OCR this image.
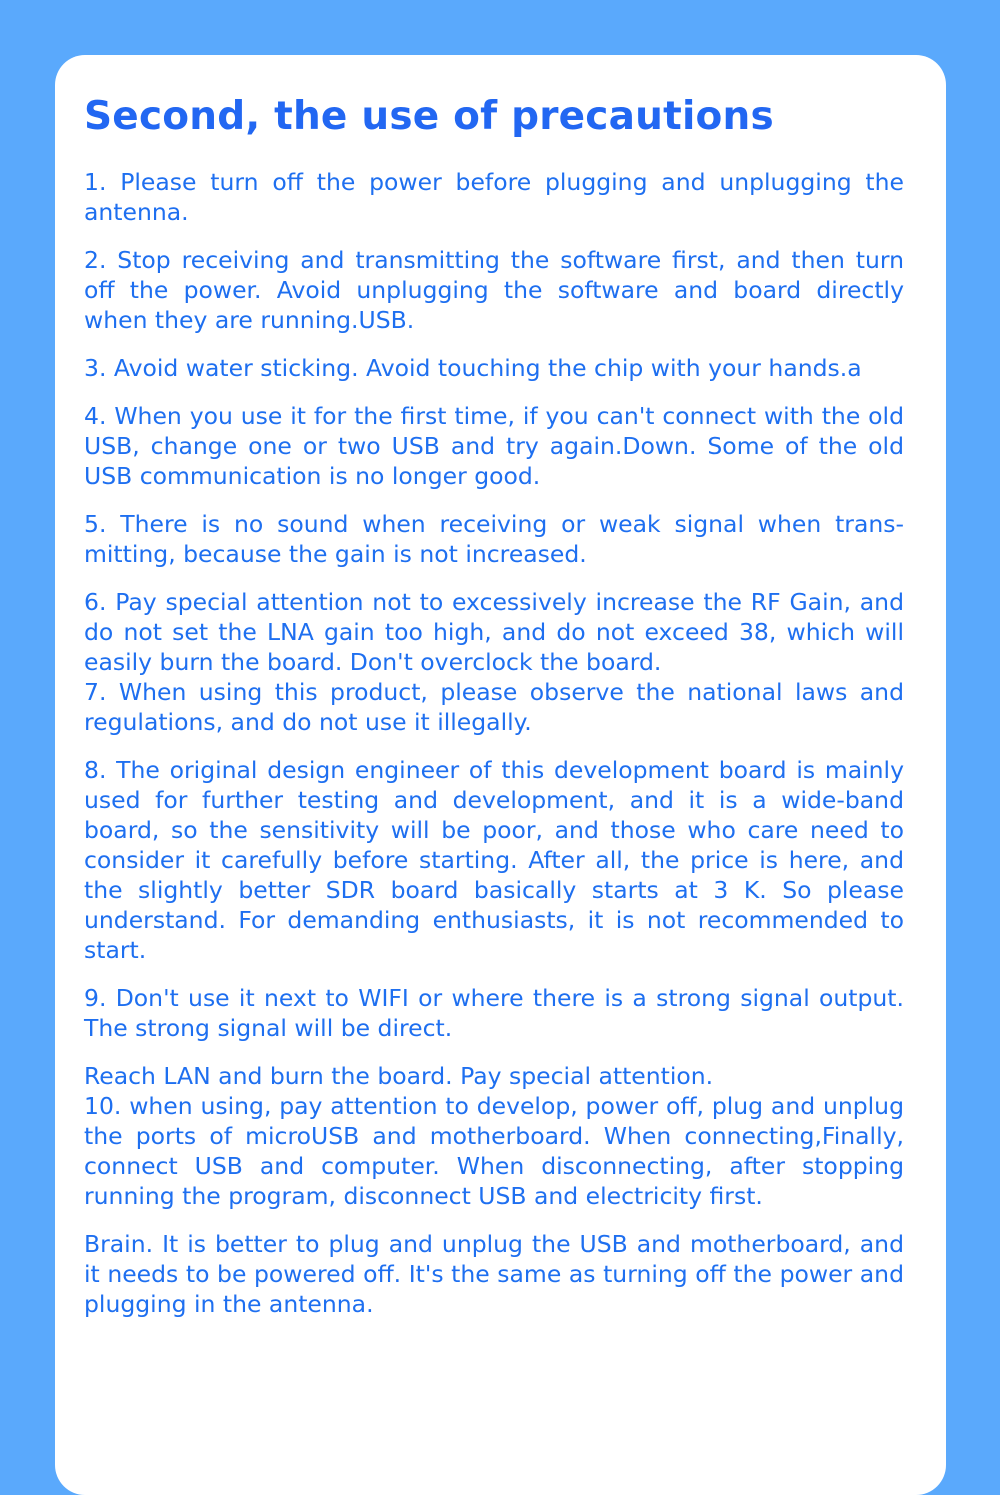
Second, the use of precautions

1. Please turn off the power before plugging and unplugging the antenna.

2. Stop receiving and transmitting the software first, and then turn off the power. Avoid unplugging the software and board directly when they are running.USB.

3. Avoid water sticking. Avoid touching the chip with your hands.a

4. When you use it for the first time, if you can't connect with the old USB, change one or two USB and try again.Down. Some of the old USB communication is no longer good.

5. There is no sound when receiving or weak signal when transmitting, because the gain is not increased.

6. Pay special attention not to excessively increase the RF Gain, and do not set the LNA gain too high, and do not exceed 38, which will easily burn the board. Don't overclock the board.

7. When using this product, please observe the national laws and regulations, and do not use it illegally.

8. The original design engineer of this development board is mainly used for further testing and development, and it is a wide-band board, so the sensitivity will be poor, and those who care need to consider it carefully before starting. After all, the price is here, and the slightly better SDR board basically starts at 3 K. So please understand. For demanding enthusiasts, it is not recommended to start.

9. Don't use it next to WIFI or where there is a strong signal output. The strong signal will be direct.

Reach LAN and burn the board. Pay special attention.

10. when using, pay attention to develop, power off, plug and unplug the ports of microUSB and motherboard. When connecting,Finally, connect USB and computer. When disconnecting, after stopping running the program, disconnect USB and electricity first.

Brain. It is better to plug and unplug the USB and motherboard, and it needs to be powered off. It's the same as turning off the power and plugging in the antenna.
